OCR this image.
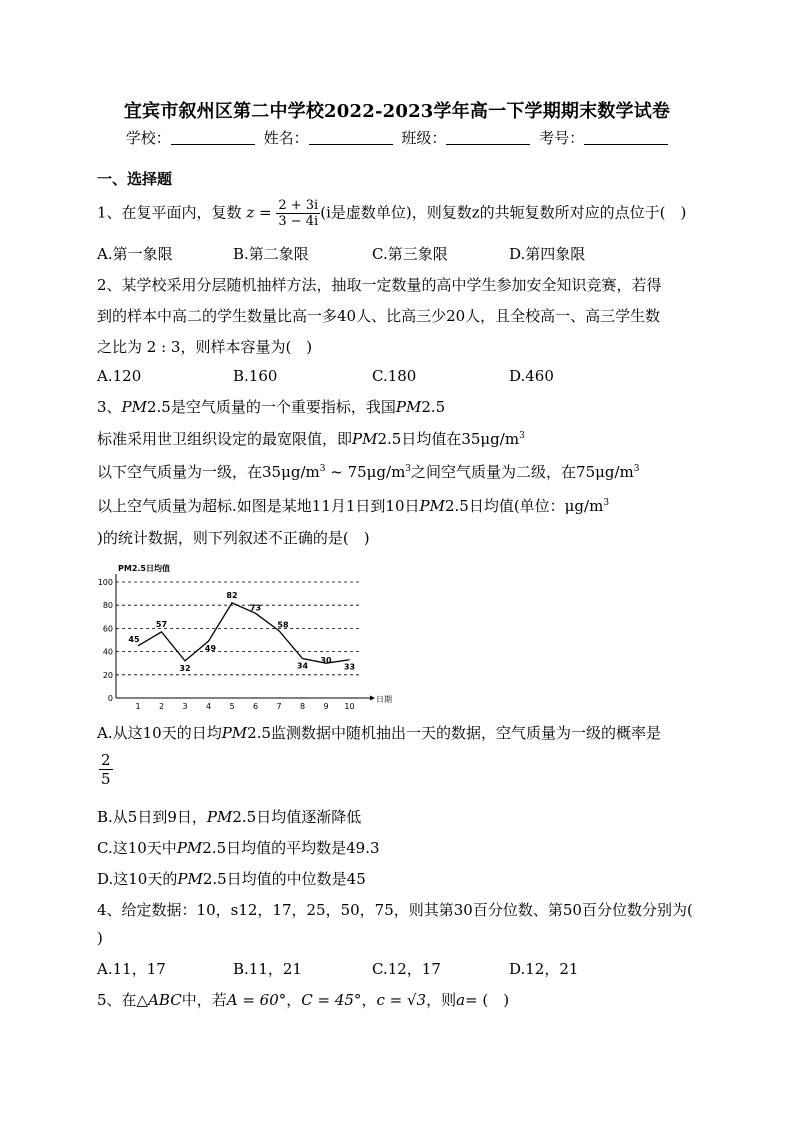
宜宾市叙州区第二中学校2022-2023学年高一下学期期末数学试卷
学校：	姓名：	班级：	考号：
一、选择题
1、在复平面内，复数 $z = \frac{2 + 3i}{3 - 4i} (i$是虚数单位)，则复数z的共轭复数所对应的点位于(　)
A.第一象限	B.第二象限	C.第三象限	D.第四象限
2、某学校采用分层随机抽样方法，抽取一定数量的高中学生参加安全知识竞赛，若得
到的样本中高二的学生数量比高一多40人、比高三少20人，且全校高一、高三学生数
之比为 2 : 3，则样本容量为(　)
A.120	B.160	C.180	D.460
3、PM2.5是空气质量的一个重要指标，我国PM2.5
标准采用世卫组织设定的最宽限值，即PM2.5日均值在$35\mu g/m^3$
以下空气质量为一级，在$35\mu g/m^3$ ~ $75\mu g/m^3$之间空气质量为二级，在$75\mu g/m^3$
以上空气质量为超标.如图是某地11月1日到10日PM2.5日均值(单位：$\mu g/m^3$
)的统计数据，则下列叙述不正确的是(　)
0
20
40
60
80
100
PM2.5日均值
日期
1 2 3 4 5 6 7 8 9 10
45
57
32
49
82
73
58
34
30
33
A.从这10天的日均PM2.5监测数据中随机抽出一天的数据，空气质量为一级的概率是
$\frac{2}{5}$
B.从5日到9日，PM2.5日均值逐渐降低
C.这10天中PM2.5日均值的平均数是49.3
D.这10天的PM2.5日均值的中位数是45
4、给定数据：10，s12，17，25，50，75，则其第30百分位数、第50百分位数分别为(
)
A.11，17	B.11，21	C.12，17	D.12，21
5、在△ABC中，若A = 60°，C = 45°，c = √3，则a= (　)
